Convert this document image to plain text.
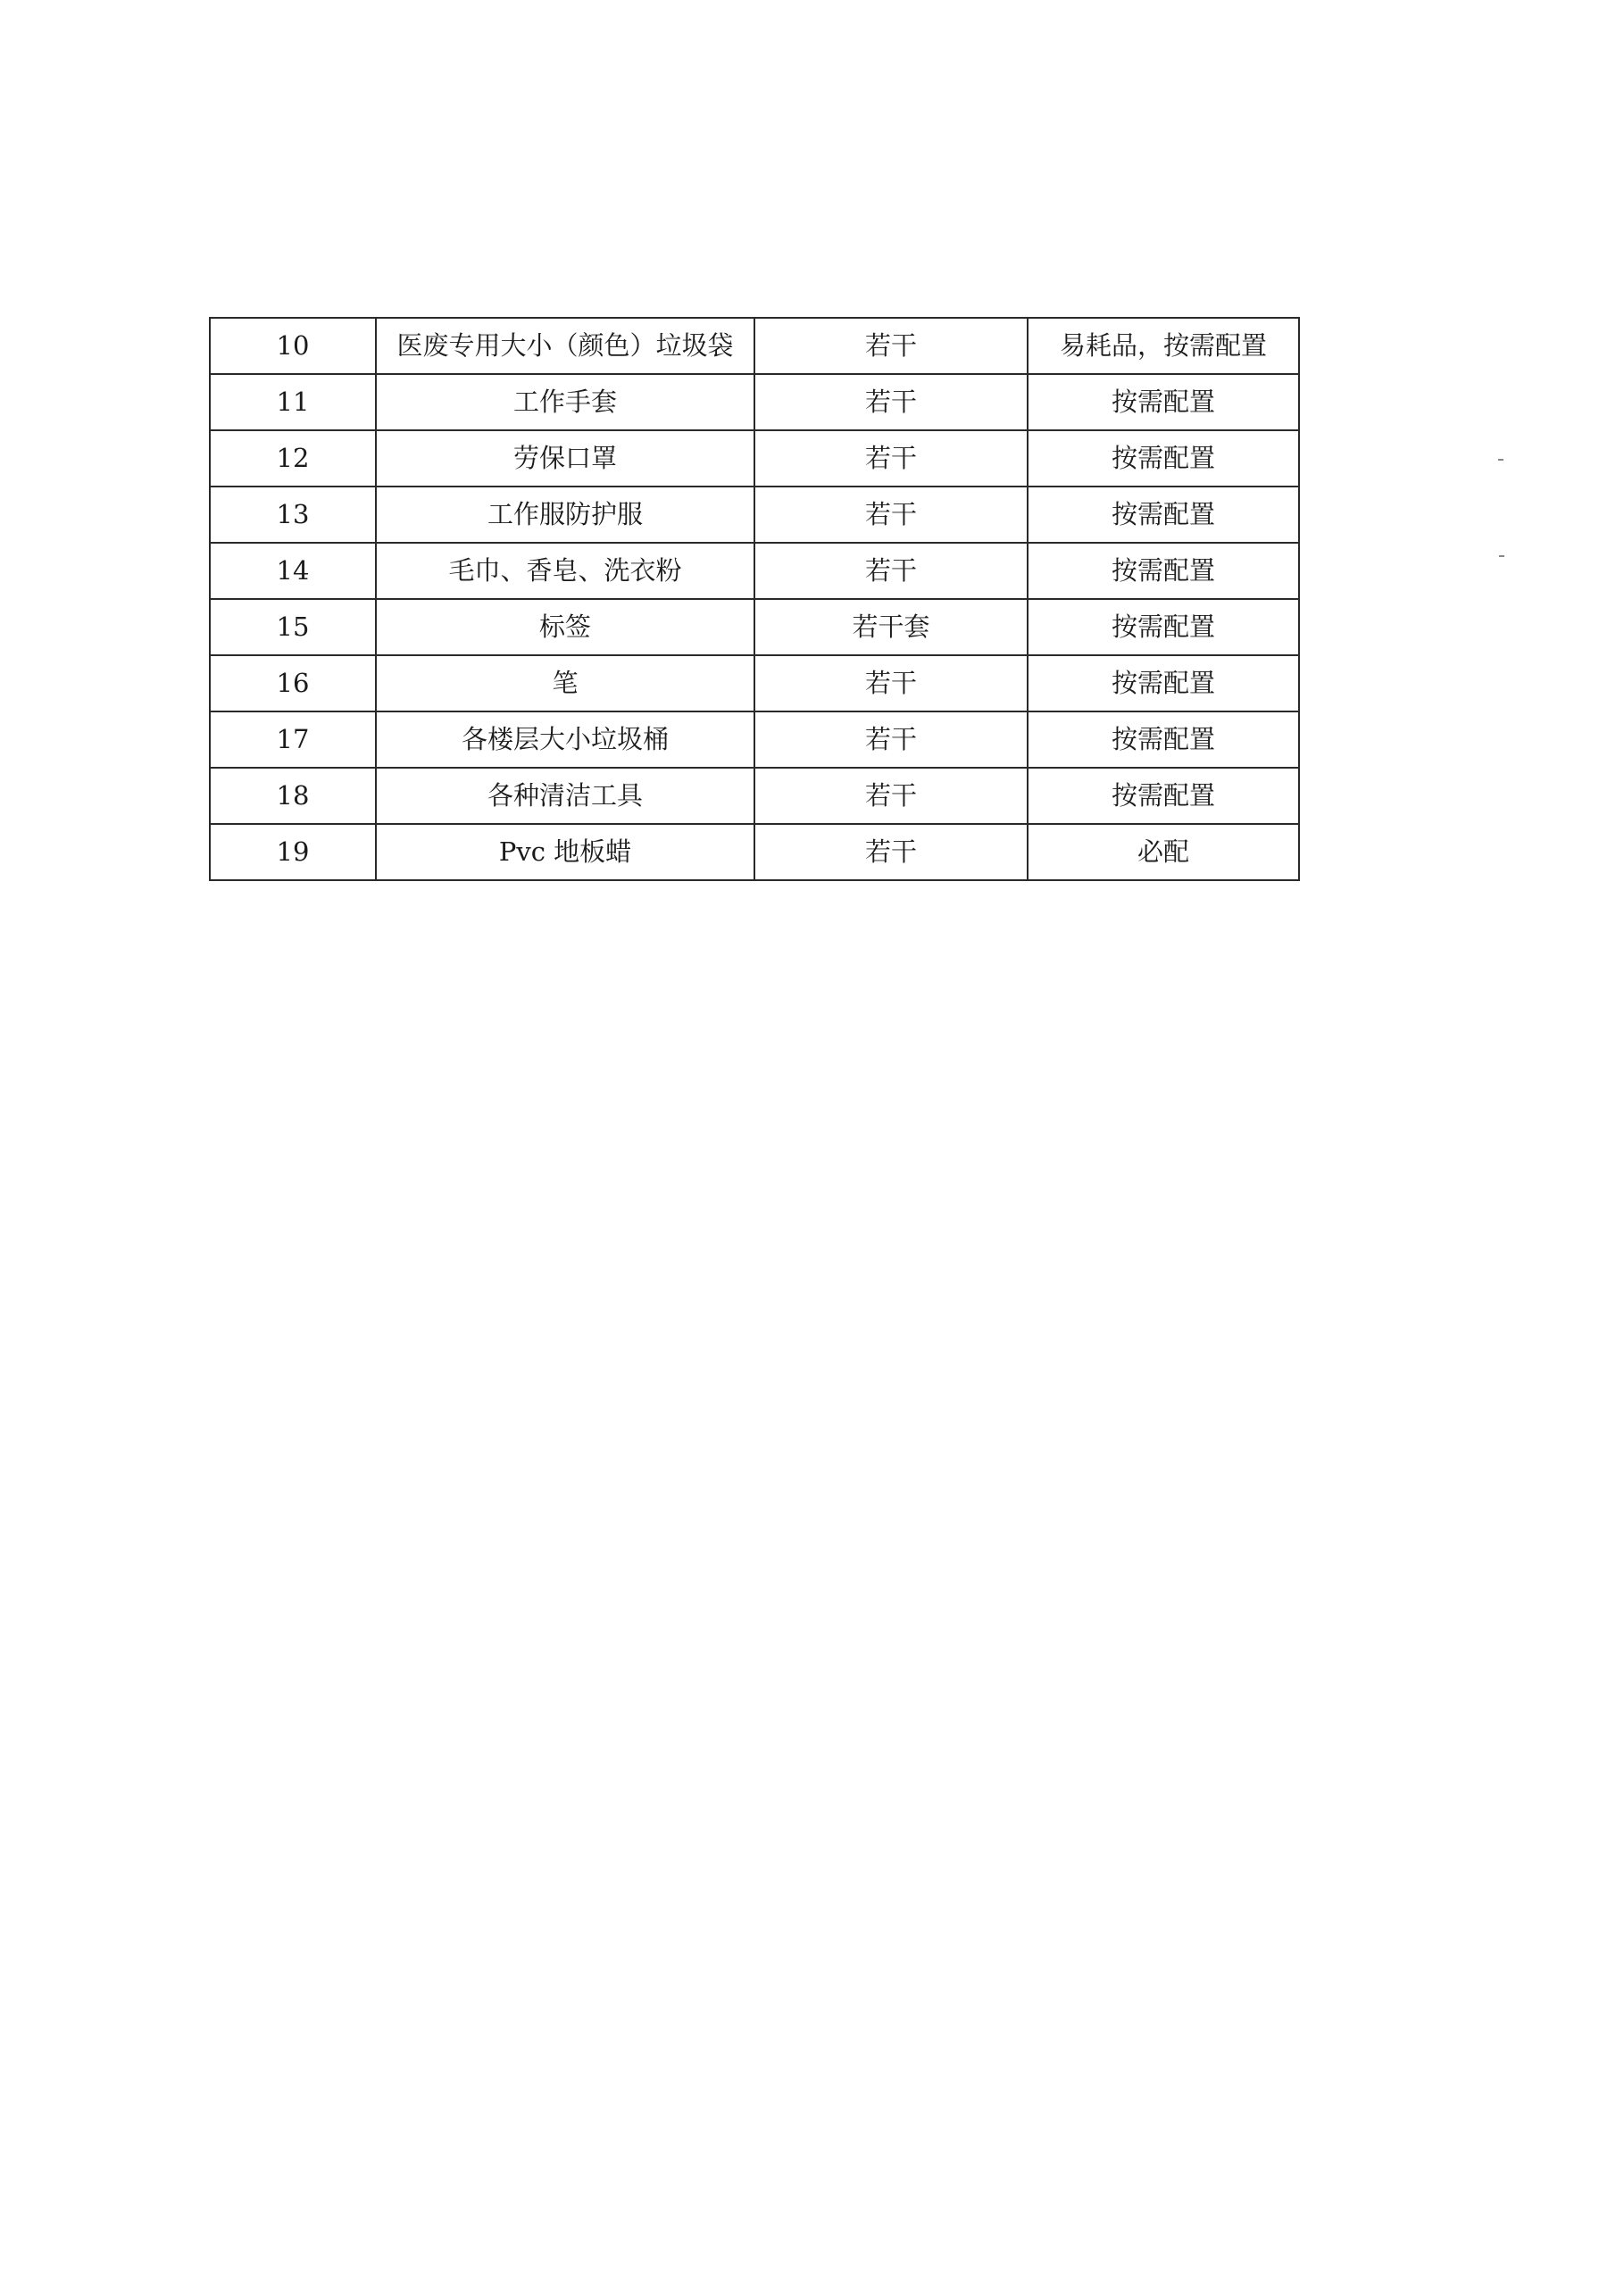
10	医废专用大小（颜色）垃圾袋	若干	易耗品，按需配置
11	工作手套	若干	按需配置
12	劳保口罩	若干	按需配置
13	工作服防护服	若干	按需配置
14	毛巾、香皂、洗衣粉	若干	按需配置
15	标签	若干套	按需配置
16	笔	若干	按需配置
17	各楼层大小垃圾桶	若干	按需配置
18	各种清洁工具	若干	按需配置
19	Pvc 地板蜡	若干	必配
